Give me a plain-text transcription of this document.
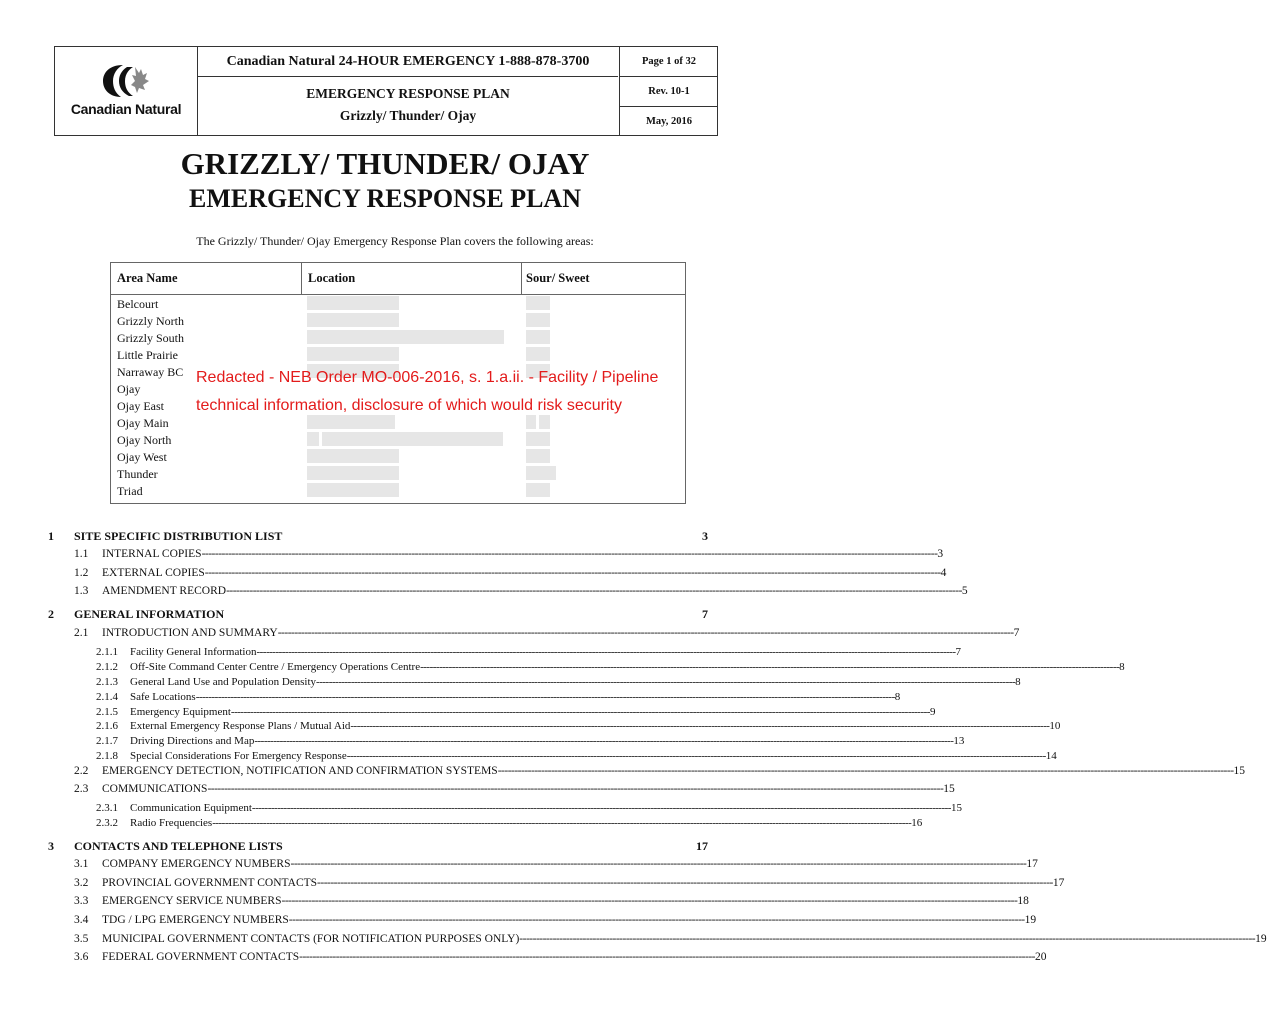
Canadian Natural
Canadian Natural 24-HOUR EMERGENCY 1-888-878-3700
EMERGENCY RESPONSE PLAN
Grizzly/ Thunder/ Ojay
Page 1 of 32
Rev. 10-1
May, 2016
GRIZZLY/ THUNDER/ OJAY
EMERGENCY RESPONSE PLAN
The Grizzly/ Thunder/ Ojay Emergency Response Plan covers the following areas:
Area Name	Location	Sour/ Sweet
Belcourt
Grizzly North
Grizzly South
Little Prairie
Narraway BC
Ojay
Ojay East
Ojay Main
Ojay North
Ojay West
Thunder
Triad
Redacted - NEB Order MO-006-2016, s. 1.a.ii. - Facility / Pipeline
technical information, disclosure of which would risk security
1 SITE SPECIFIC DISTRIBUTION LIST	3
1.1	INTERNAL COPIES ----------------------------------------------------------------------------------------------------------------------------------------------------------------------------------------------------------------------------- 3
1.2	EXTERNAL COPIES ----------------------------------------------------------------------------------------------------------------------------------------------------------------------------------------------------------------------------- 4
1.3	AMENDMENT RECORD ----------------------------------------------------------------------------------------------------------------------------------------------------------------------------------------------------------------------------- 5
2 GENERAL INFORMATION	7
2.1	INTRODUCTION AND SUMMARY ----------------------------------------------------------------------------------------------------------------------------------------------------------------------------------------------------------------------------- 7
2.1.1	Facility General Information ----------------------------------------------------------------------------------------------------------------------------------------------------------------------------------------------------------------------------- 7
2.1.2	Off-Site Command Center Centre / Emergency Operations Centre ----------------------------------------------------------------------------------------------------------------------------------------------------------------------------------------------------------------------------- 8
2.1.3	General Land Use and Population Density ----------------------------------------------------------------------------------------------------------------------------------------------------------------------------------------------------------------------------- 8
2.1.4	Safe Locations ----------------------------------------------------------------------------------------------------------------------------------------------------------------------------------------------------------------------------- 8
2.1.5	Emergency Equipment ----------------------------------------------------------------------------------------------------------------------------------------------------------------------------------------------------------------------------- 9
2.1.6	External Emergency Response Plans / Mutual Aid ----------------------------------------------------------------------------------------------------------------------------------------------------------------------------------------------------------------------------- 10
2.1.7	Driving Directions and Map ----------------------------------------------------------------------------------------------------------------------------------------------------------------------------------------------------------------------------- 13
2.1.8	Special Considerations For Emergency Response ----------------------------------------------------------------------------------------------------------------------------------------------------------------------------------------------------------------------------- 14
2.2	EMERGENCY DETECTION, NOTIFICATION AND CONFIRMATION SYSTEMS ----------------------------------------------------------------------------------------------------------------------------------------------------------------------------------------------------------------------------- 15
2.3	COMMUNICATIONS ----------------------------------------------------------------------------------------------------------------------------------------------------------------------------------------------------------------------------- 15
2.3.1	Communication Equipment ----------------------------------------------------------------------------------------------------------------------------------------------------------------------------------------------------------------------------- 15
2.3.2	Radio Frequencies ----------------------------------------------------------------------------------------------------------------------------------------------------------------------------------------------------------------------------- 16
3 CONTACTS AND TELEPHONE LISTS	17
3.1	COMPANY EMERGENCY NUMBERS ----------------------------------------------------------------------------------------------------------------------------------------------------------------------------------------------------------------------------- 17
3.2	PROVINCIAL GOVERNMENT CONTACTS ----------------------------------------------------------------------------------------------------------------------------------------------------------------------------------------------------------------------------- 17
3.3	EMERGENCY SERVICE NUMBERS ----------------------------------------------------------------------------------------------------------------------------------------------------------------------------------------------------------------------------- 18
3.4	TDG / LPG EMERGENCY NUMBERS ----------------------------------------------------------------------------------------------------------------------------------------------------------------------------------------------------------------------------- 19
3.5	MUNICIPAL GOVERNMENT CONTACTS (FOR NOTIFICATION PURPOSES ONLY) ----------------------------------------------------------------------------------------------------------------------------------------------------------------------------------------------------------------------------- 19
3.6	FEDERAL GOVERNMENT CONTACTS ----------------------------------------------------------------------------------------------------------------------------------------------------------------------------------------------------------------------------- 20
